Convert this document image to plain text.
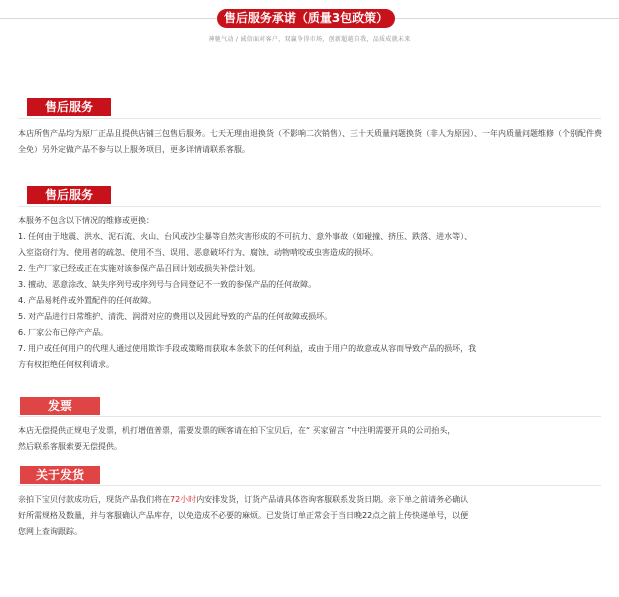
售后服务承诺（质量3包政策）
神驰气动 / 诚信面对客户，双赢争得市场，创新超越自我，品质成就未来
售后服务
本店所售产品均为原厂正品且提供店铺三包售后服务。七天无理由退换货（不影响二次销售）、三十天质量问题换货（非人为原因）、一年内质量问题维修（个别配件费全免）另外定做产品不参与以上服务项目，更多详情请联系客服。
售后服务
本服务不包含以下情况的维修或更换：
1. 任何由于地震、洪水、泥石流、火山、台风或沙尘暴等自然灾害形成的不可抗力、意外事故（如碰撞、挤压、跌落、进水等）、
入室盗窃行为、使用者的疏忽、使用不当、误用、恶意破坏行为、腐蚀、动物啃咬或虫害造成的损坏。
2. 生产厂家已经或正在实施对该参保产品召回计划或损失补偿计划。
3. 擅动、恶意涂改、缺失序列号或序列号与合同登记不一致的参保产品的任何故障。
4. 产品易耗件或外置配件的任何故障。
5. 对产品进行日常维护、清洗、润滑对应的费用以及因此导致的产品的任何故障或损坏。
6. 厂家公布已停产产品。
7. 用户或任何用户的代理人通过使用欺诈手段或策略而获取本条款下的任何利益，或由于用户的故意或从容而导致产品的损坏，我
方有权拒绝任何权利请求。
发票
本店无偿提供正规电子发票，机打增值普票，需要发票的顾客请在拍下宝贝后，在“ 买家留言 ”中注明需要开具的公司抬头，
然后联系客服索要无偿提供。
关于发货
亲拍下宝贝付款成功后，现货产品我们将在72小时内安排发货，订货产品请具体咨询客服联系发货日期。亲下单之前请务必确认
好所需规格及数量，并与客服确认产品库存，以免造成不必要的麻烦。已发货订单正常会于当日晚22点之前上传快递单号，以便
您网上查询跟踪。
